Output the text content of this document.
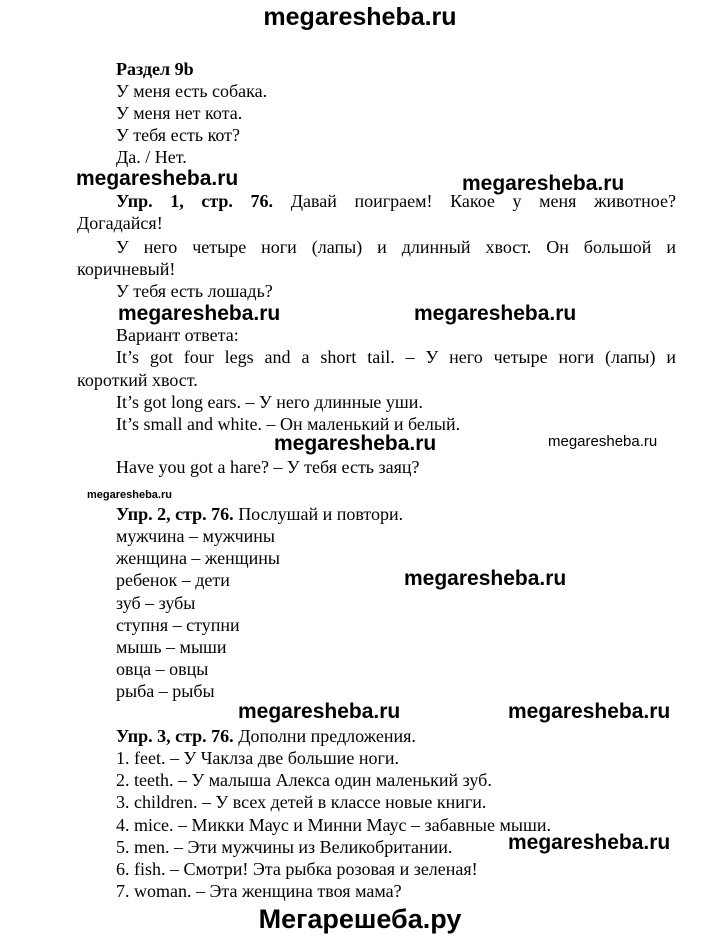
megaresheba.ru
Раздел 9b
У меня есть собака.
У меня нет кота.
У тебя есть кот?
Да. / Нет.
megaresheba.ru	megaresheba.ru
Упр. 1, стр. 76. Давай поиграем! Какое у меня животное?
Догадайся!
У него четыре ноги (лапы) и длинный хвост. Он большой и
коричневый!
У тебя есть лошадь?
megaresheba.ru	megaresheba.ru
Вариант ответа:
It’s got four legs and a short tail. – У него четыре ноги (лапы) и
короткий хвост.
It’s got long ears. – У него длинные уши.
It’s small and white. – Он маленький и белый.
megaresheba.ru	megaresheba.ru
Have you got a hare? – У тебя есть заяц?
megaresheba.ru
Упр. 2, стр. 76. Послушай и повтори.
мужчина – мужчины
женщина – женщины
ребенок – дети	megaresheba.ru
зуб – зубы
ступня – ступни
мышь – мыши
овца – овцы
рыба – рыбы
megaresheba.ru	megaresheba.ru
Упр. 3, стр. 76. Дополни предложения.
1. feet. – У Чаклза две большие ноги.
2. teeth. – У малыша Алекса один маленький зуб.
3. children. – У всех детей в классе новые книги.
4. mice. – Микки Маус и Минни Маус – забавные мыши.
5. men. – Эти мужчины из Великобритании.	megaresheba.ru
6. fish. – Смотри! Эта рыбка розовая и зеленая!
7. woman. – Эта женщина твоя мама?
Мегарешеба.ру
